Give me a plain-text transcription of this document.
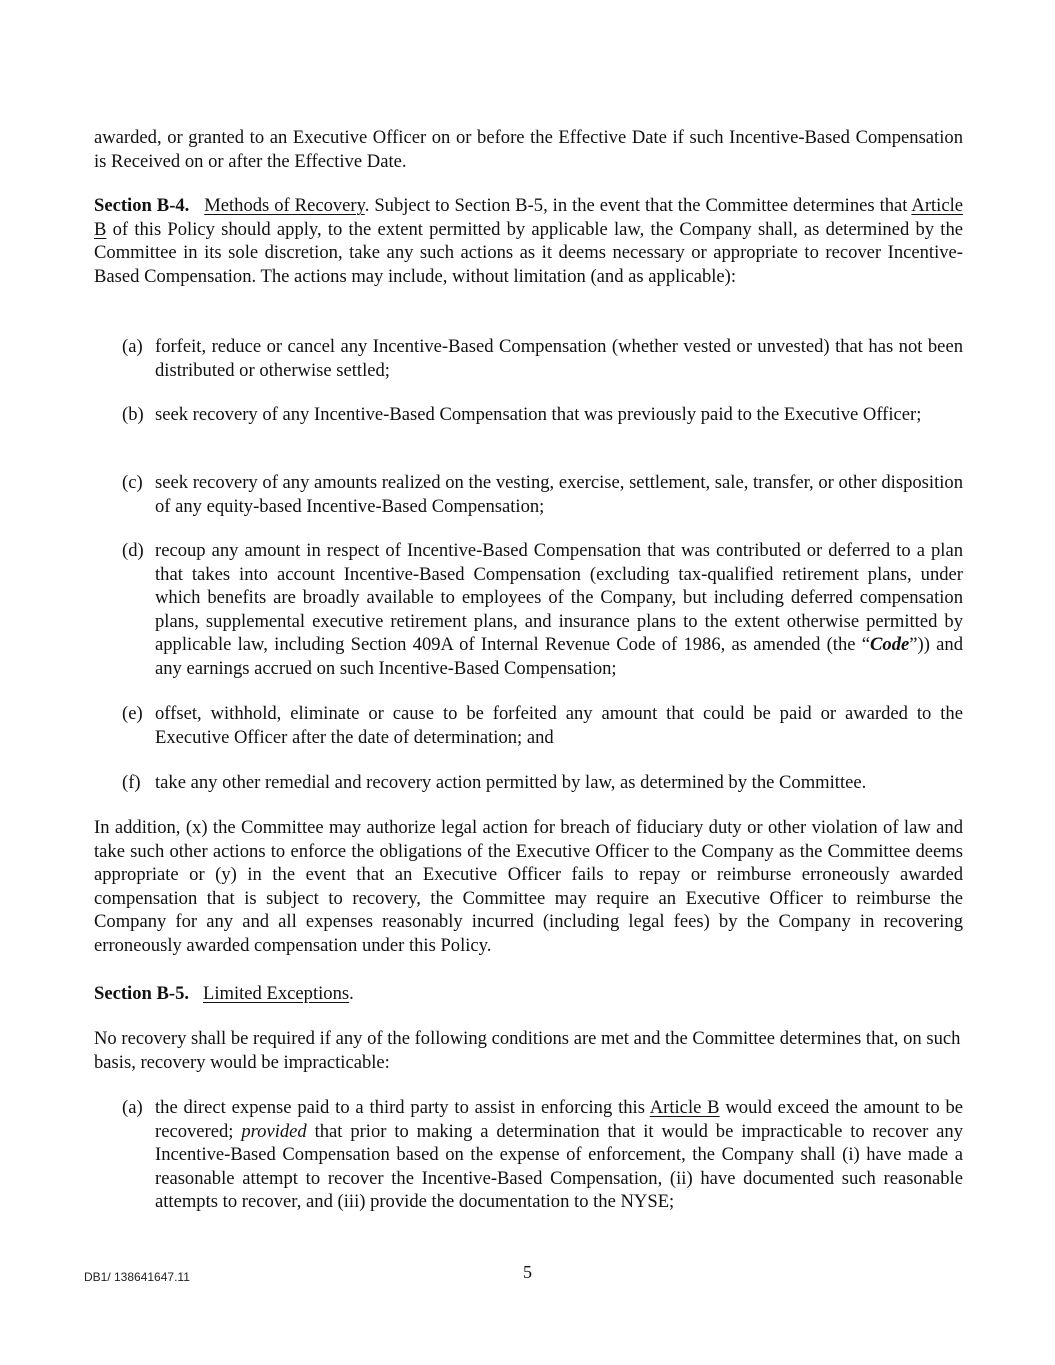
awarded, or granted to an Executive Officer on or before the Effective Date if such Incentive-Based Compensation is Received on or after the Effective Date.

Section B-4. Methods of Recovery. Subject to Section B-5, in the event that the Committee determines that Article B of this Policy should apply, to the extent permitted by applicable law, the Company shall, as determined by the Committee in its sole discretion, take any such actions as it deems necessary or appropriate to recover Incentive-Based Compensation. The actions may include, without limitation (and as applicable):

(a) forfeit, reduce or cancel any Incentive-Based Compensation (whether vested or unvested) that has not been distributed or otherwise settled;
(b) seek recovery of any Incentive-Based Compensation that was previously paid to the Executive Officer;
(c) seek recovery of any amounts realized on the vesting, exercise, settlement, sale, transfer, or other disposition of any equity-based Incentive-Based Compensation;
(d) recoup any amount in respect of Incentive-Based Compensation that was contributed or deferred to a plan that takes into account Incentive-Based Compensation (excluding tax-qualified retirement plans, under which benefits are broadly available to employees of the Company, but including deferred compensation plans, supplemental executive retirement plans, and insurance plans to the extent otherwise permitted by applicable law, including Section 409A of Internal Revenue Code of 1986, as amended (the “Code”)) and any earnings accrued on such Incentive-Based Compensation;
(e) offset, withhold, eliminate or cause to be forfeited any amount that could be paid or awarded to the Executive Officer after the date of determination; and
(f) take any other remedial and recovery action permitted by law, as determined by the Committee.

In addition, (x) the Committee may authorize legal action for breach of fiduciary duty or other violation of law and take such other actions to enforce the obligations of the Executive Officer to the Company as the Committee deems appropriate or (y) in the event that an Executive Officer fails to repay or reimburse erroneously awarded compensation that is subject to recovery, the Committee may require an Executive Officer to reimburse the Company for any and all expenses reasonably incurred (including legal fees) by the Company in recovering erroneously awarded compensation under this Policy.

Section B-5. Limited Exceptions.

No recovery shall be required if any of the following conditions are met and the Committee determines that, on such basis, recovery would be impracticable:

(a) the direct expense paid to a third party to assist in enforcing this Article B would exceed the amount to be recovered; provided that prior to making a determination that it would be impracticable to recover any Incentive-Based Compensation based on the expense of enforcement, the Company shall (i) have made a reasonable attempt to recover the Incentive-Based Compensation, (ii) have documented such reasonable attempts to recover, and (iii) provide the documentation to the NYSE;
DB1/ 138641647.11	5
